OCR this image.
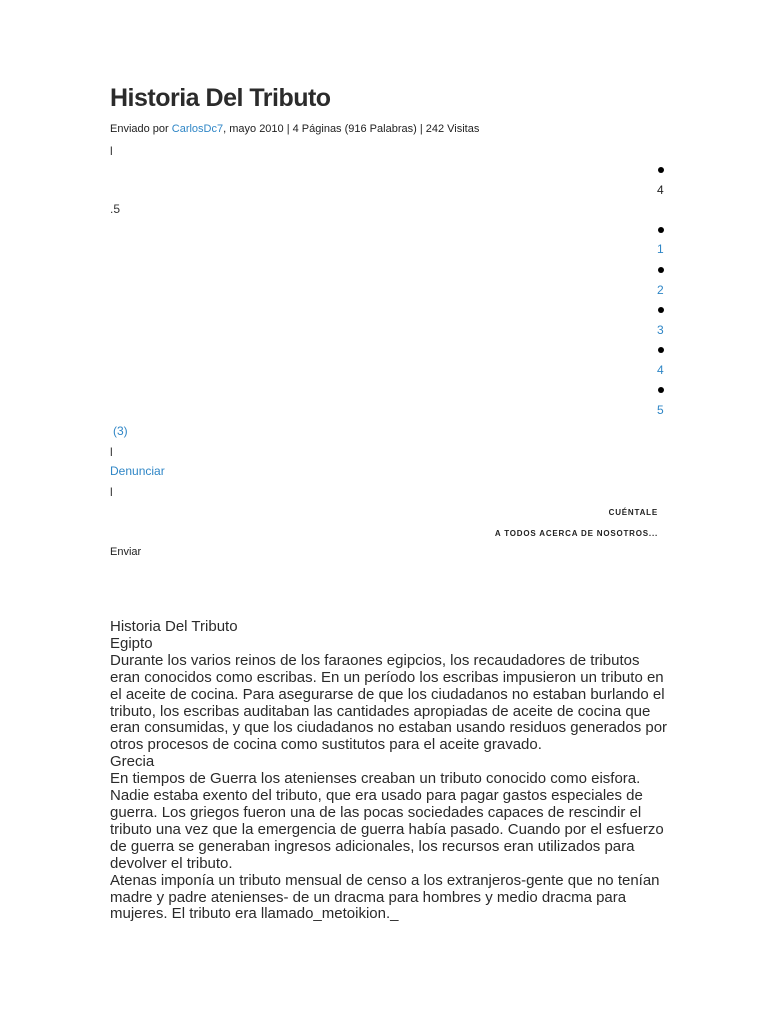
Historia Del Tributo
Enviado por CarlosDc7, mayo 2010 | 4 Páginas (916 Palabras) | 242 Visitas
l
4
.5
1
2
3
4
5
(3)
l
Denunciar
l
CUÉNTALE
A TODOS ACERCA DE NOSOTROS...
Enviar

Historia Del Tributo

Egipto

Durante los varios reinos de los faraones egipcios, los recaudadores de tributos eran conocidos como escribas. En un período los escribas impusieron un tributo en el aceite de cocina. Para asegurarse de que los ciudadanos no estaban burlando el tributo, los escribas auditaban las cantidades apropiadas de aceite de cocina que eran consumidas, y que los ciudadanos no estaban usando residuos generados por otros procesos de cocina como sustitutos para el aceite gravado.

Grecia

En tiempos de Guerra los atenienses creaban un tributo conocido como eisfora. Nadie estaba exento del tributo, que era usado para pagar gastos especiales de guerra. Los griegos fueron una de las pocas sociedades capaces de rescindir el tributo una vez que la emergencia de guerra había pasado. Cuando por el esfuerzo de guerra se generaban ingresos adicionales, los recursos eran utilizados para devolver el tributo.

Atenas imponía un tributo mensual de censo a los extranjeros-gente que no tenían madre y padre atenienses- de un dracma para hombres y medio dracma para mujeres. El tributo era llamado_metoikion._
